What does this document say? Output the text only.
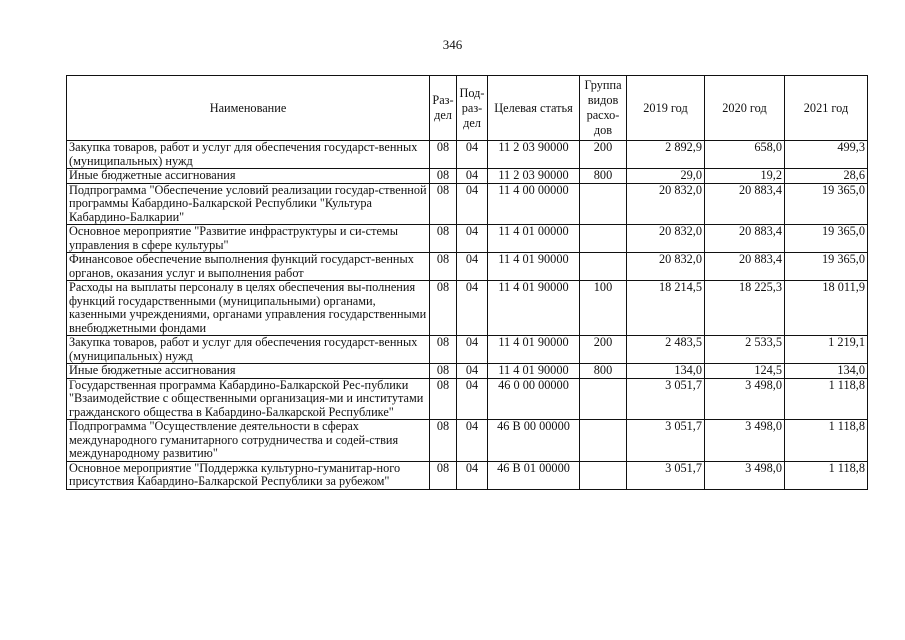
346
Наименование	Раз-дел	Под-раз-дел	Целевая статья	Группа видов расхо-дов	2019 год	2020 год	2021 год
Закупка товаров, работ и услуг для обеспечения государст-венных (муниципальных) нужд	08	04	11 2 03 90000	200	2 892,9	658,0	499,3
Иные бюджетные ассигнования	08	04	11 2 03 90000	800	29,0	19,2	28,6
Подпрограмма "Обеспечение условий реализации государ-ственной программы Кабардино-Балкарской Республики "Культура Кабардино-Балкарии"	08	04	11 4 00 00000		20 832,0	20 883,4	19 365,0
Основное мероприятие "Развитие инфраструктуры и си-стемы управления в сфере культуры"	08	04	11 4 01 00000		20 832,0	20 883,4	19 365,0
Финансовое обеспечение выполнения функций государст-венных органов, оказания услуг и выполнения работ	08	04	11 4 01 90000		20 832,0	20 883,4	19 365,0
Расходы на выплаты персоналу в целях обеспечения вы-полнения функций государственными (муниципальными) органами, казенными учреждениями, органами управления государственными внебюджетными фондами	08	04	11 4 01 90000	100	18 214,5	18 225,3	18 011,9
Закупка товаров, работ и услуг для обеспечения государст-венных (муниципальных) нужд	08	04	11 4 01 90000	200	2 483,5	2 533,5	1 219,1
Иные бюджетные ассигнования	08	04	11 4 01 90000	800	134,0	124,5	134,0
Государственная программа Кабардино-Балкарской Рес-публики "Взаимодействие с общественными организация-ми и институтами гражданского общества в Кабардино-Балкарской Республике"	08	04	46 0 00 00000		3 051,7	3 498,0	1 118,8
Подпрограмма "Осуществление деятельности в сферах международного гуманитарного сотрудничества и содей-ствия международному развитию"	08	04	46 В 00 00000		3 051,7	3 498,0	1 118,8
Основное мероприятие "Поддержка культурно-гуманитар-ного присутствия Кабардино-Балкарской Республики за рубежом"	08	04	46 В 01 00000		3 051,7	3 498,0	1 118,8
